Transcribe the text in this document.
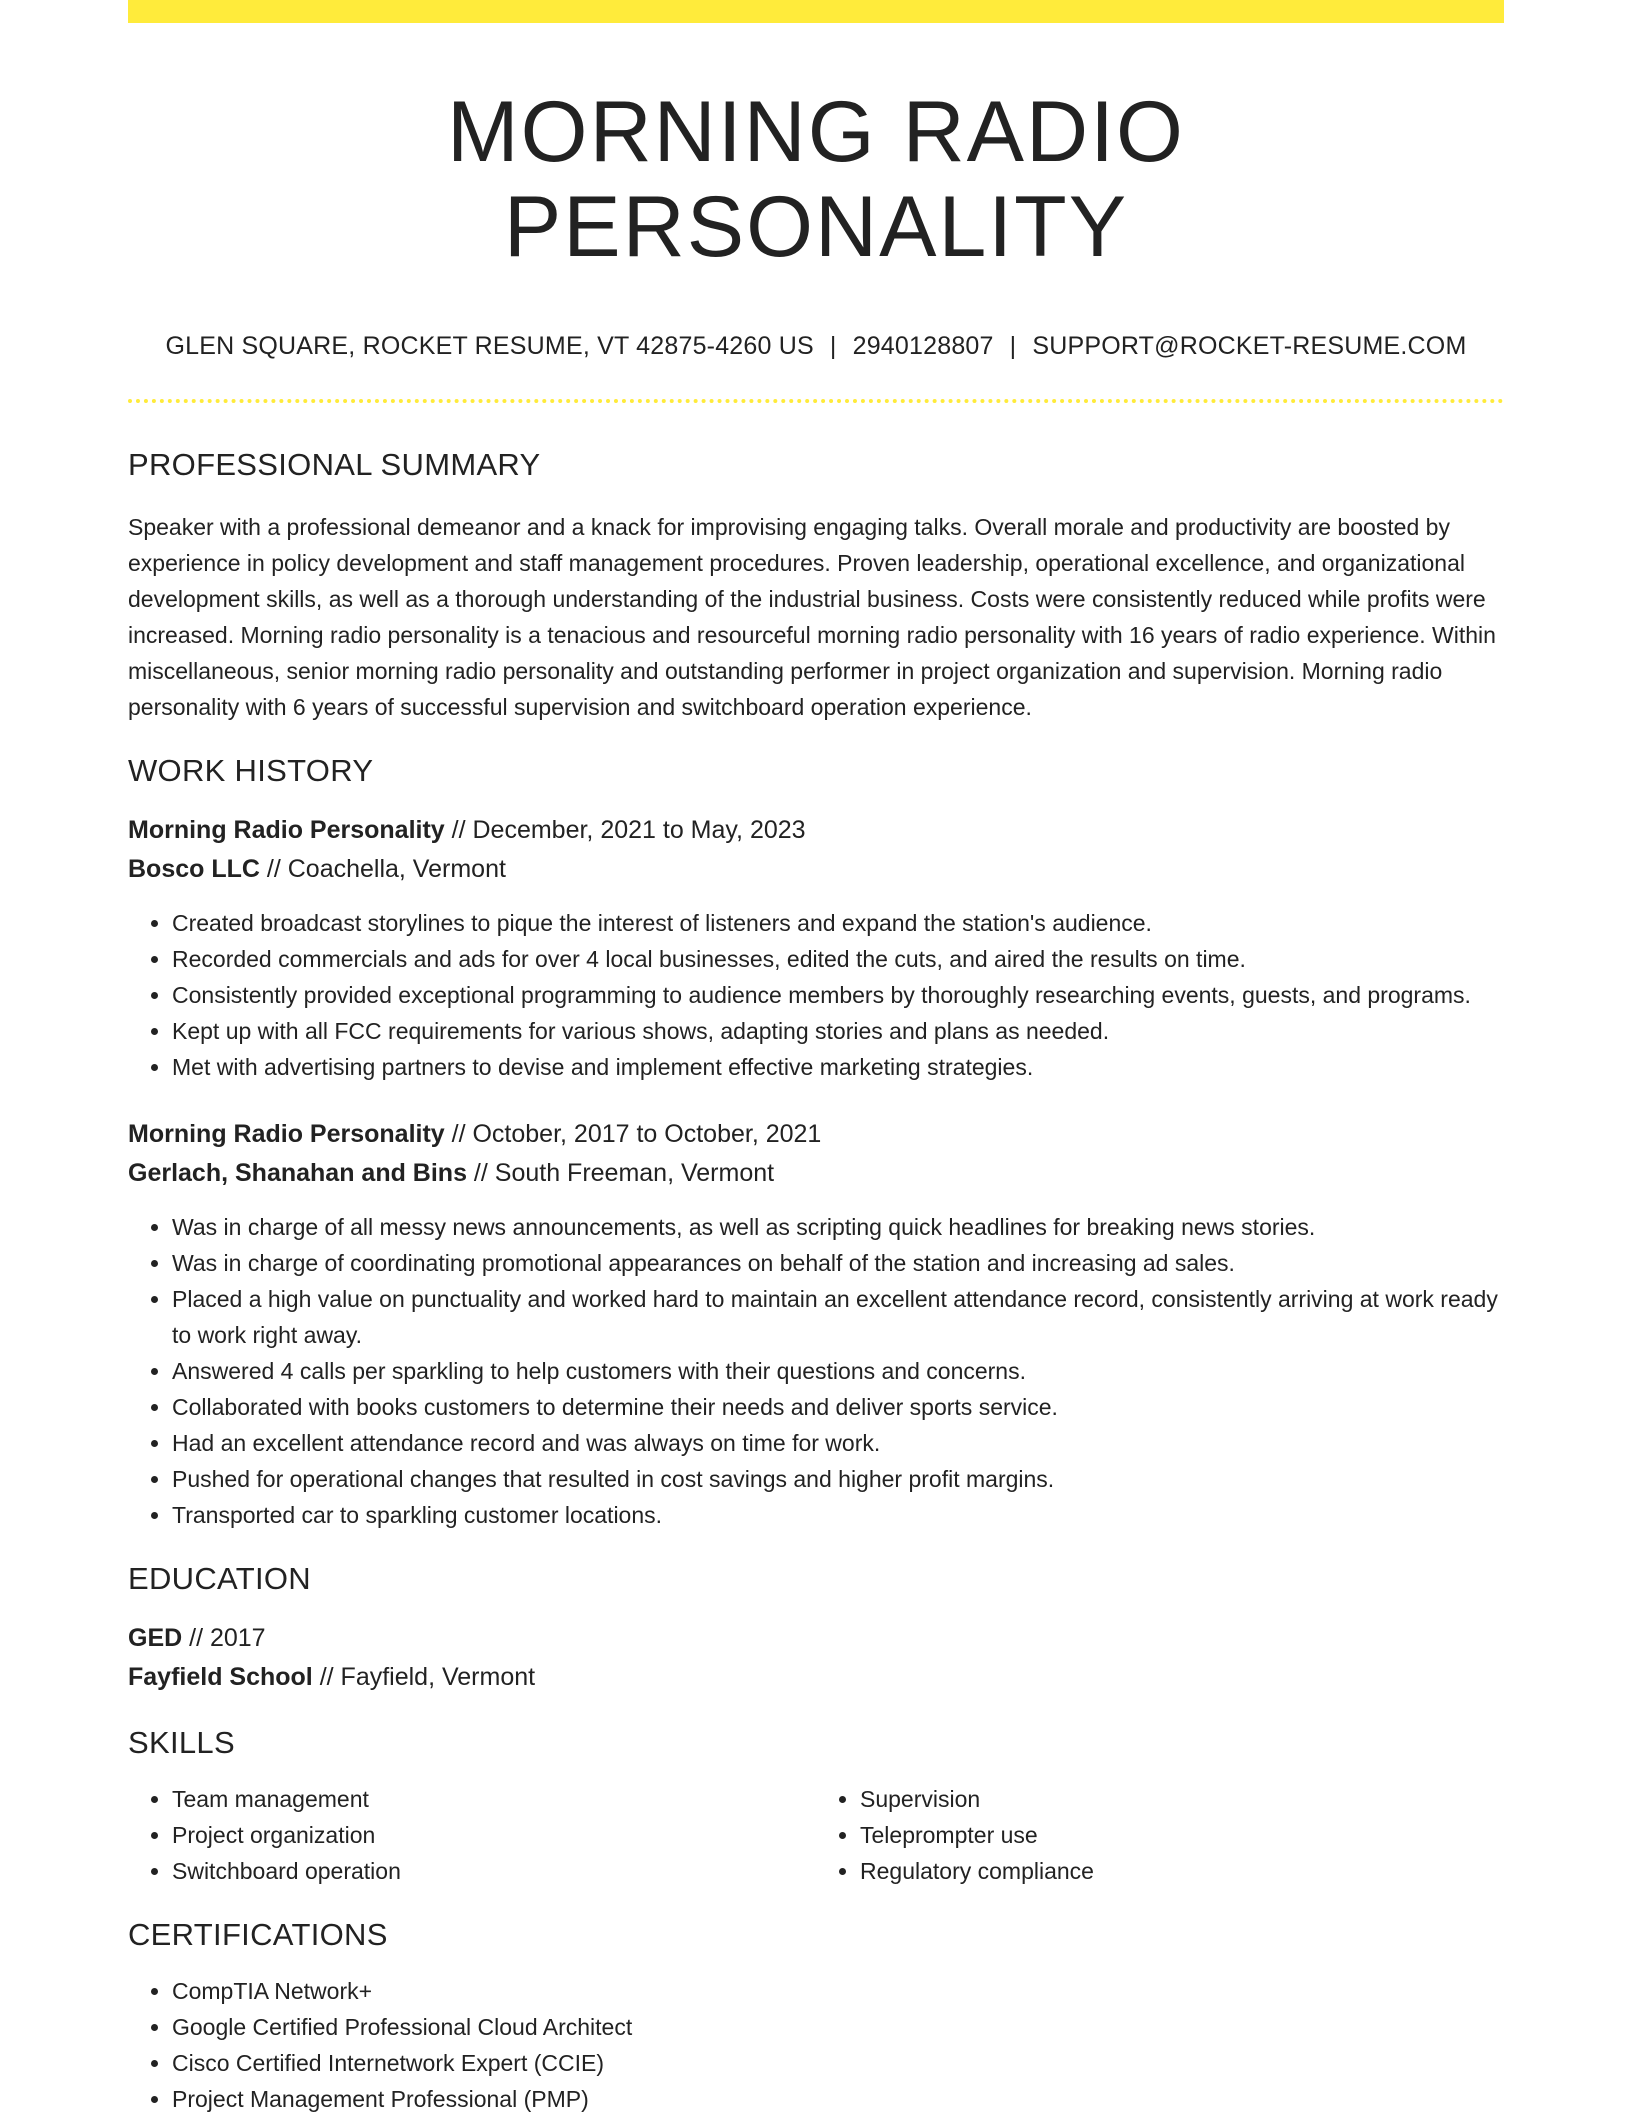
MORNING RADIO PERSONALITY
GLEN SQUARE, ROCKET RESUME, VT 42875-4260 US | 2940128807 | SUPPORT@ROCKET-RESUME.COM
PROFESSIONAL SUMMARY

Speaker with a professional demeanor and a knack for improvising engaging talks. Overall morale and productivity are boosted by experience in policy development and staff management procedures. Proven leadership, operational excellence, and organizational development skills, as well as a thorough understanding of the industrial business. Costs were consistently reduced while profits were increased. Morning radio personality is a tenacious and resourceful morning radio personality with 16 years of radio experience. Within miscellaneous, senior morning radio personality and outstanding performer in project organization and supervision. Morning radio personality with 6 years of successful supervision and switchboard operation experience.

WORK HISTORY
Morning Radio Personality // December, 2021 to May, 2023
Bosco LLC // Coachella, Vermont
• Created broadcast storylines to pique the interest of listeners and expand the station's audience.
• Recorded commercials and ads for over 4 local businesses, edited the cuts, and aired the results on time.
• Consistently provided exceptional programming to audience members by thoroughly researching events, guests, and programs.
• Kept up with all FCC requirements for various shows, adapting stories and plans as needed.
• Met with advertising partners to devise and implement effective marketing strategies.
Morning Radio Personality // October, 2017 to October, 2021
Gerlach, Shanahan and Bins // South Freeman, Vermont
• Was in charge of all messy news announcements, as well as scripting quick headlines for breaking news stories.
• Was in charge of coordinating promotional appearances on behalf of the station and increasing ad sales.
• Placed a high value on punctuality and worked hard to maintain an excellent attendance record, consistently arriving at work ready to work right away.
• Answered 4 calls per sparkling to help customers with their questions and concerns.
• Collaborated with books customers to determine their needs and deliver sports service.
• Had an excellent attendance record and was always on time for work.
• Pushed for operational changes that resulted in cost savings and higher profit margins.
• Transported car to sparkling customer locations.
EDUCATION
GED // 2017
Fayfield School // Fayfield, Vermont
SKILLS
• Team management
• Project organization
• Switchboard operation
• Supervision
• Teleprompter use
• Regulatory compliance
CERTIFICATIONS
• CompTIA Network+
• Google Certified Professional Cloud Architect
• Cisco Certified Internetwork Expert (CCIE)
• Project Management Professional (PMP)
